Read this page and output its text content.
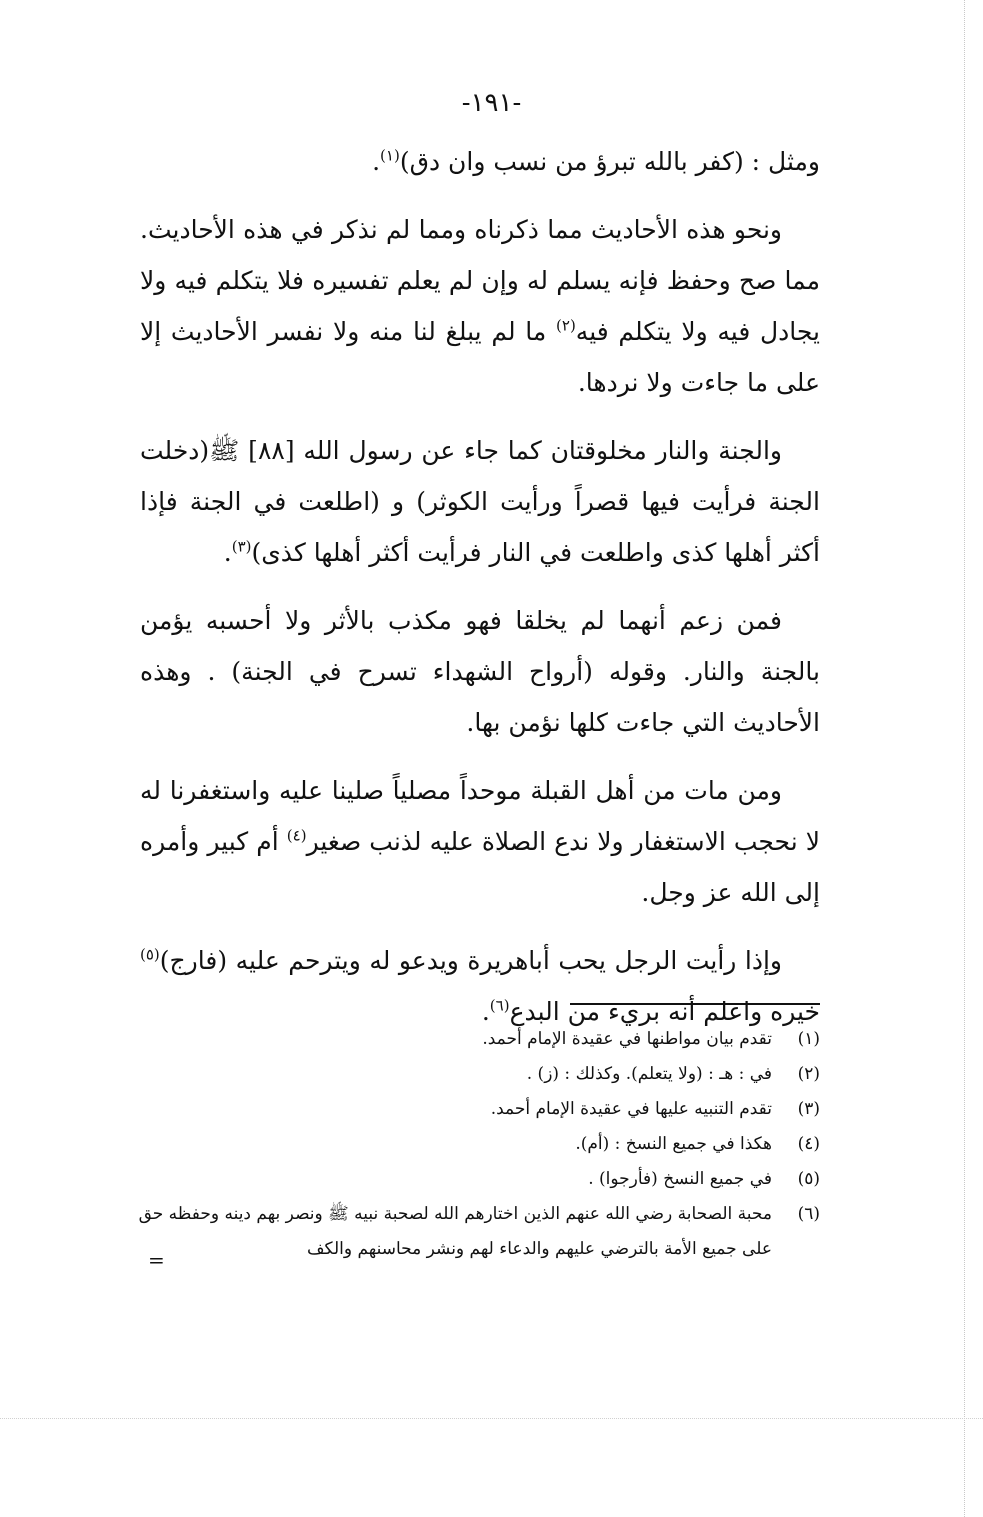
-١٩١-

ومثل : (كفر بالله تبرؤ من نسب وان دق)$^{(١)}$.

ونحو هذه الأحاديث مما ذكرناه ومما لم نذكر في هذه الأحاديث. مما صح وحفظ فإنه يسلم له وإن لم يعلم تفسيره فلا يتكلم فيه ولا يجادل فيه ولا يتكلم فيه$^{(٢)}$ ما لم يبلغ لنا منه ولا نفسر الأحاديث إلا على ما جاءت ولا نردها.

والجنة والنار مخلوقتان كما جاء عن رسول الله [٨٨] ﷺ(دخلت الجنة فرأيت فيها قصراً ورأيت الكوثر) و (اطلعت في الجنة فإذا أكثر أهلها كذى واطلعت في النار فرأيت أكثر أهلها كذى)$^{(٣)}$.

فمن زعم أنهما لم يخلقا فهو مكذب بالأثر ولا أحسبه يؤمن بالجنة والنار. وقوله (أرواح الشهداء تسرح في الجنة) . وهذه الأحاديث التي جاءت كلها نؤمن بها.

ومن مات من أهل القبلة موحداً مصلياً صلينا عليه واستغفرنا له لا نحجب الاستغفار ولا ندع الصلاة عليه لذنب صغير$^{(٤)}$ أم كبير وأمره إلى الله عز وجل.

وإذا رأيت الرجل يحب أباهريرة ويدعو له ويترحم عليه (فارج)$^{(٥)}$ خيره واعلم أنه بريء من البدع$^{(٦)}$.

(١)
تقدم بيان مواطنها في عقيدة الإمام أحمد.
(٢)
في : هـ : (ولا يتعلم). وكذلك : (ز) .
(٣)
تقدم التنبيه عليها في عقيدة الإمام أحمد.
(٤)
هكذا في جميع النسخ : (أم).
(٥)
في جميع النسخ (فأرجوا) .
(٦)
محبة الصحابة رضي الله عنهم الذين اختارهم الله لصحبة نبيه ﷺ ونصر بهم دينه وحفظه حق على جميع الأمة بالترضي عليهم والدعاء لهم ونشر محاسنهم والكف
=
